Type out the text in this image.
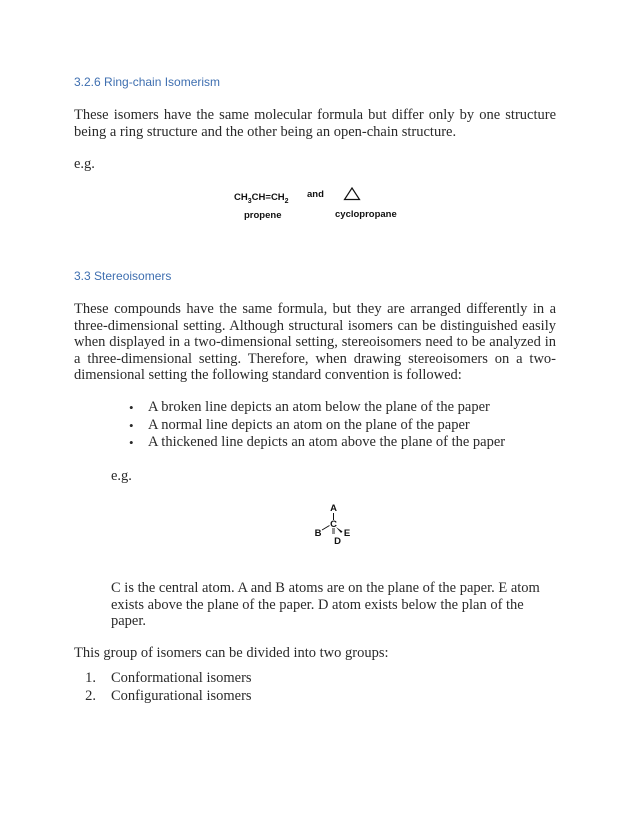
3.2.6 Ring-chain Isomerism

These isomers have the same molecular formula but differ only by one structure being a ring structure and the other being an open-chain structure.

e.g.

$CH_3CH=CH_2$
and
propene	cyclopropane
3.3 Stereoisomers

These compounds have the same formula, but they are arranged differently in a three-dimensional setting. Although structural isomers can be distinguished easily when displayed in a two-dimensional setting, stereoisomers need to be analyzed in a three-dimensional setting. Therefore, when drawing stereoisomers on a two-dimensional setting the following standard convention is followed:

• A broken line depicts an atom below the plane of the paper
• A normal line depicts an atom on the plane of the paper
• A thickened line depicts an atom above the plane of the paper

e.g.

A
C
B E
D

C is the central atom. A and B atoms are on the plane of the paper. E atom exists above the plane of the paper. D atom exists below the plan of the paper.

This group of isomers can be divided into two groups:

1. Conformational isomers
2. Configurational isomers
